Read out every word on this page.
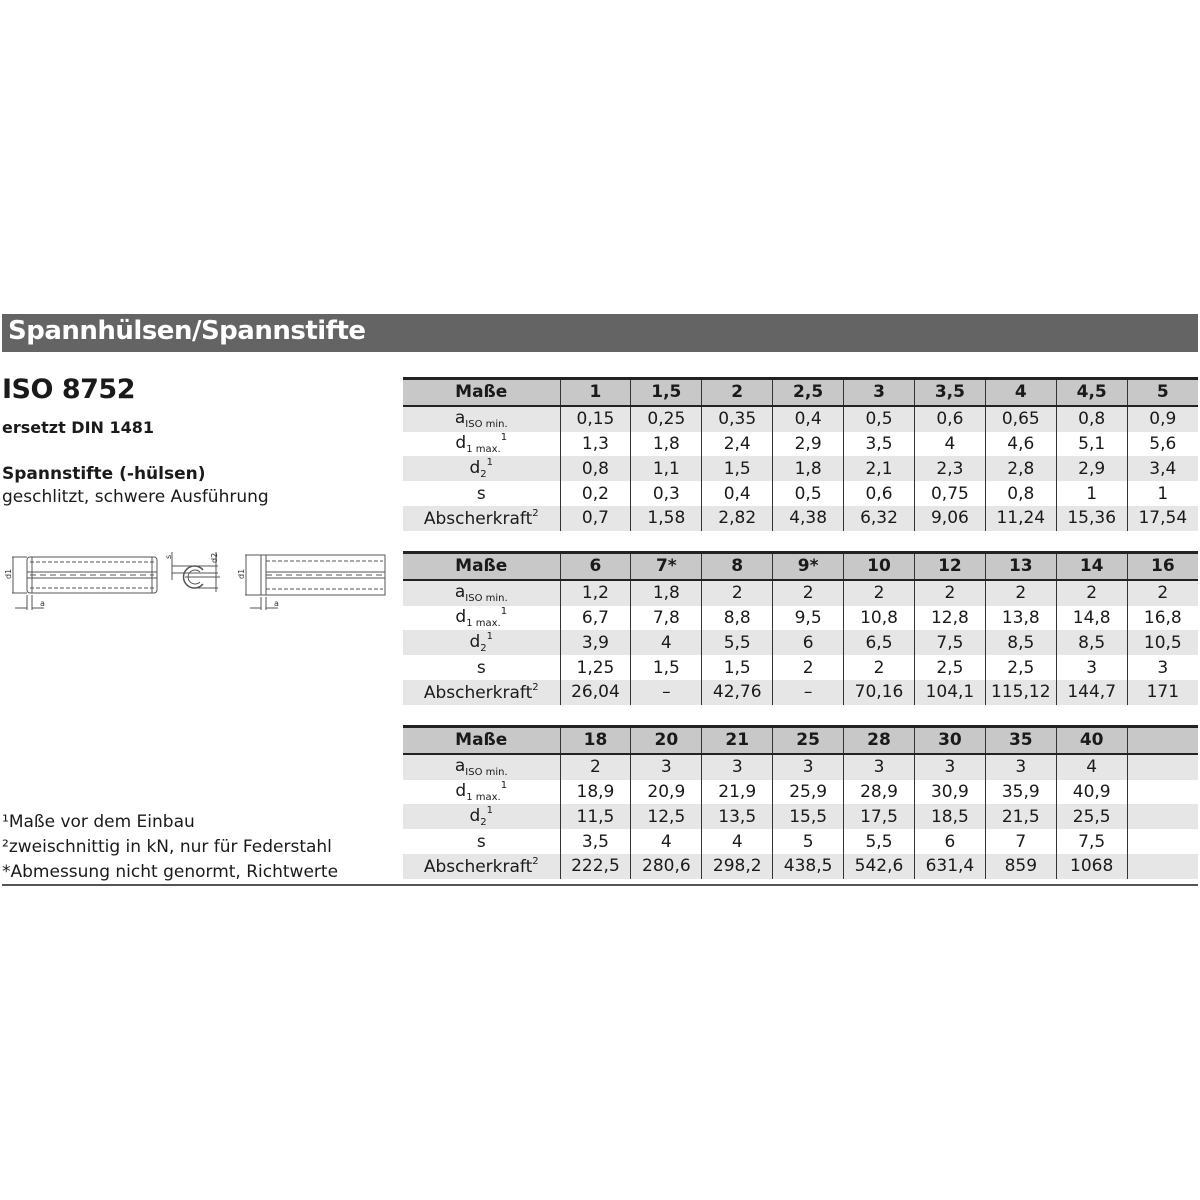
Spannhülsen/Spannstifte
ISO 8752
ersetzt DIN 1481
Spannstifte (-hülsen)
geschlitzt, schwere Ausführung
d1
a
s	d2
d1
a
Maße	1	1,5	2	2,5	3	3,5	4	4,5	5
$a_{ISO min.}$	0,15	0,25	0,35	0,4	0,5	0,6	0,65	0,8	0,9
$d_{1 max.}^1$	1,3	1,8	2,4	2,9	3,5	4	4,6	5,1	5,6
$d_2^1$	0,8	1,1	1,5	1,8	2,1	2,3	2,8	2,9	3,4
s	0,2	0,3	0,4	0,5	0,6	0,75	0,8	1	1
Abscherkraft$^2$	0,7	1,58	2,82	4,38	6,32	9,06	11,24	15,36	17,54
Maße	6	7*	8	9*	10	12	13	14	16
$a_{ISO min.}$	1,2	1,8	2	2	2	2	2	2	2
$d_{1 max.}^1$	6,7	7,8	8,8	9,5	10,8	12,8	13,8	14,8	16,8
$d_2^1$	3,9	4	5,5	6	6,5	7,5	8,5	8,5	10,5
s	1,25	1,5	1,5	2	2	2,5	2,5	3	3
Abscherkraft$^2$	26,04	–	42,76	–	70,16	104,1	115,12	144,7	171
Maße	18	20	21	25	28	30	35	40	
$a_{ISO min.}$	2	3	3	3	3	3	3	4	
$d_{1 max.}^1$	18,9	20,9	21,9	25,9	28,9	30,9	35,9	40,9	
$d_2^1$	11,5	12,5	13,5	15,5	17,5	18,5	21,5	25,5	
s	3,5	4	4	5	5,5	6	7	7,5	
Abscherkraft$^2$	222,5	280,6	298,2	438,5	542,6	631,4	859	1068	
¹Maße vor dem Einbau
²zweischnittig in kN, nur für Federstahl
*Abmessung nicht genormt, Richtwerte
